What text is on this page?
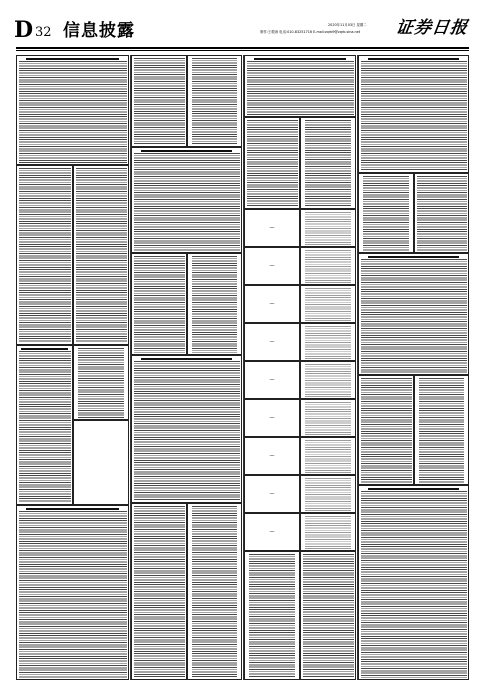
D 32 信息披露	2020年11月03日 星期二
制作:王敬涛 电话:010-83251716 E-mail:zqrb9@zqrb.sina.net 证券日报
—
—
—
—
—
—
—
—
—
